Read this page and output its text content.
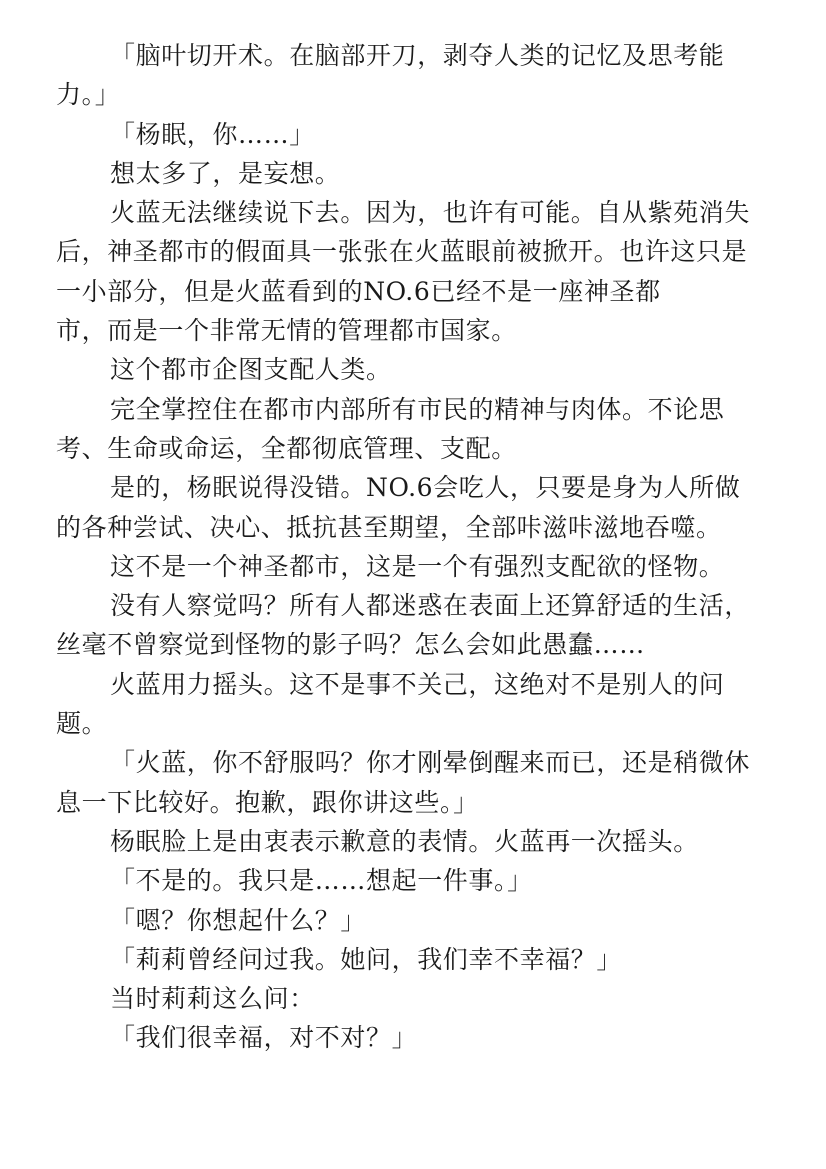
「脑叶切开术。在脑部开刀，剥夺人类的记忆及思考能力。」

「杨眠，你……」

想太多了，是妄想。

火蓝无法继续说下去。因为，也许有可能。自从紫苑消失后，神圣都市的假面具一张张在火蓝眼前被掀开。也许这只是一小部分，但是火蓝看到的NO.6已经不是一座神圣都
市，而是一个非常无情的管理都市国家。

这个都市企图支配人类。

完全掌控住在都市内部所有市民的精神与肉体。不论思考、生命或命运，全都彻底管理、支配。

是的，杨眠说得没错。NO.6会吃人，只要是身为人所做的各种尝试、决心、抵抗甚至期望，全部咔滋咔滋地吞噬。

这不是一个神圣都市，这是一个有强烈支配欲的怪物。

没有人察觉吗？所有人都迷惑在表面上还算舒适的生活，丝毫不曾察觉到怪物的影子吗？怎么会如此愚蠢……

火蓝用力摇头。这不是事不关己，这绝对不是别人的问题。

「火蓝，你不舒服吗？你才刚晕倒醒来而已，还是稍微休息一下比较好。抱歉，跟你讲这些。」

杨眠脸上是由衷表示歉意的表情。火蓝再一次摇头。

「不是的。我只是……想起一件事。」

「嗯？你想起什么？」

「莉莉曾经问过我。她问，我们幸不幸福？」

当时莉莉这么问：

「我们很幸福，对不对？」
